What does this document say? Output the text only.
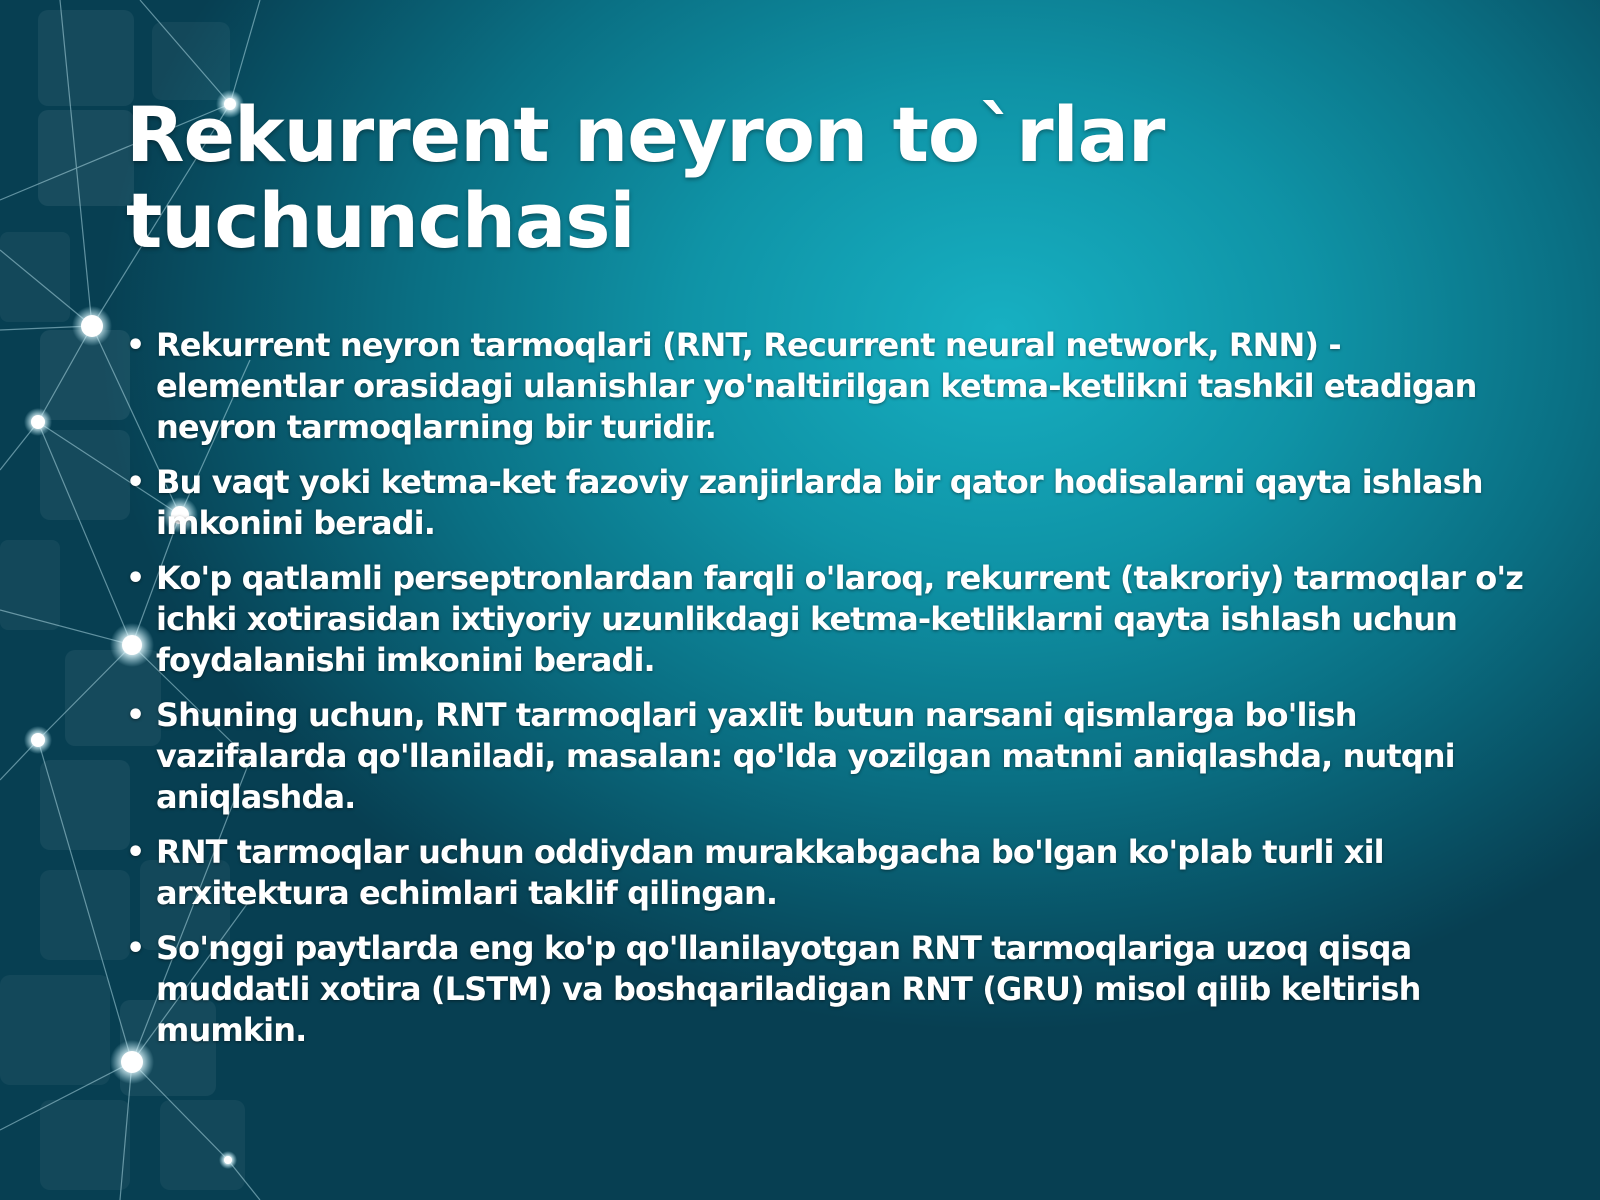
Rekurrent neyron to`rlar
tuchunchasi
• Rekurrent neyron tarmoqlari (RNT, Recurrent neural network, RNN) - elementlar orasidagi ulanishlar yo'naltirilgan ketma-ketlikni tashkil etadigan neyron tarmoqlarning bir turidir.
• Bu vaqt yoki ketma-ket fazoviy zanjirlarda bir qator hodisalarni qayta ishlash imkonini beradi.
• Ko'p qatlamli perseptronlardan farqli o'laroq, rekurrent (takroriy) tarmoqlar o'z ichki xotirasidan ixtiyoriy uzunlikdagi ketma-ketliklarni qayta ishlash uchun foydalanishi imkonini beradi.
• Shuning uchun, RNT tarmoqlari yaxlit butun narsani qismlarga bo'lish vazifalarda qo'llaniladi, masalan: qo'lda yozilgan matnni aniqlashda, nutqni aniqlashda.
• RNT tarmoqlar uchun oddiydan murakkabgacha bo'lgan ko'plab turli xil arxitektura echimlari taklif qilingan.
• So'nggi paytlarda eng ko'p qo'llanilayotgan RNT tarmoqlariga uzoq qisqa muddatli xotira (LSTM) va boshqariladigan RNT (GRU) misol qilib keltirish mumkin.
